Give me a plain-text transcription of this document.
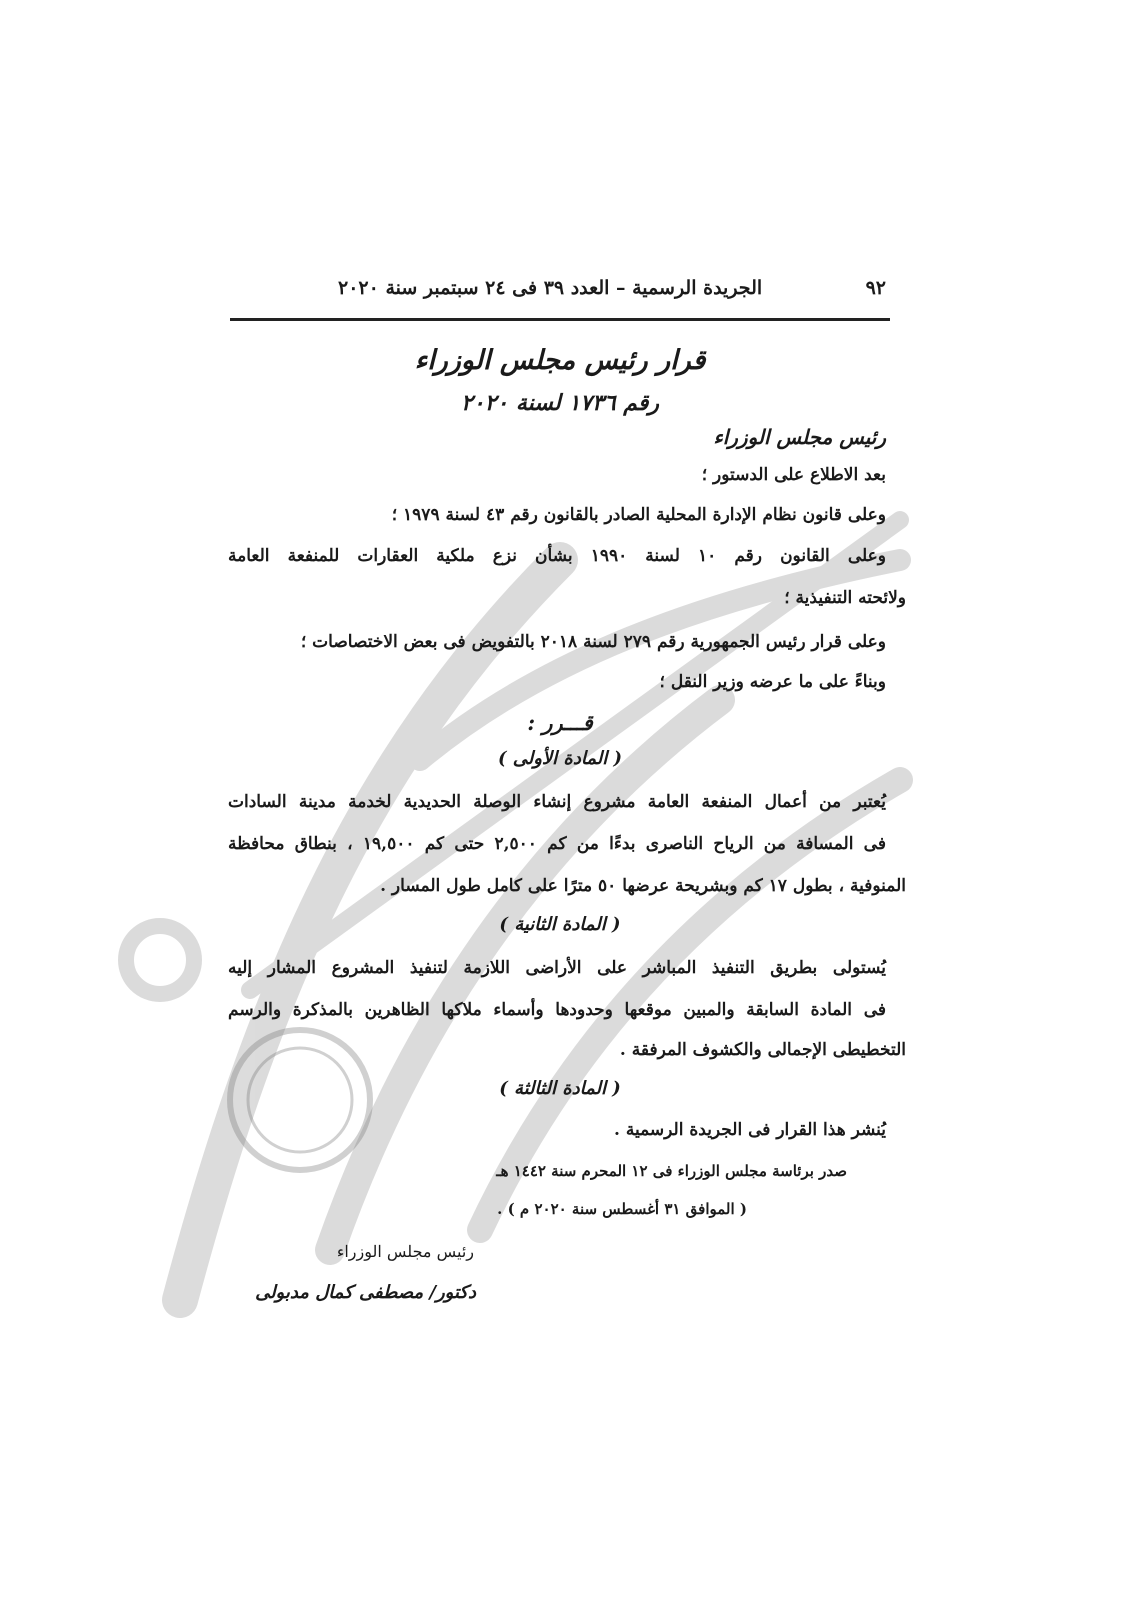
٩٢
الجريدة الرسمية – العدد ٣٩ فى ٢٤ سبتمبر سنة ٢٠٢٠
قرار رئيس مجلس الوزراء
رقم ١٧٣٦ لسنة ٢٠٢٠
رئيس مجلس الوزراء
بعد الاطلاع على الدستور ؛
وعلى قانون نظام الإدارة المحلية الصادر بالقانون رقم ٤٣ لسنة ١٩٧٩ ؛
وعلى القانون رقم ١٠ لسنة ١٩٩٠ بشأن نزع ملكية العقارات للمنفعة العامة
ولائحته التنفيذية ؛
وعلى قرار رئيس الجمهورية رقم ٢٧٩ لسنة ٢٠١٨ بالتفويض فى بعض الاختصاصات ؛
وبناءً على ما عرضه وزير النقل ؛
قـــرر :
( المادة الأولى )
يُعتبر من أعمال المنفعة العامة مشروع إنشاء الوصلة الحديدية لخدمة مدينة السادات
فى المسافة من الرياح الناصرى بدءًا من كم ٢,٥٠٠ حتى كم ١٩,٥٠٠ ، بنطاق محافظة
المنوفية ، بطول ١٧ كم وبشريحة عرضها ٥٠ مترًا على كامل طول المسار .
( المادة الثانية )
يُستولى بطريق التنفيذ المباشر على الأراضى اللازمة لتنفيذ المشروع المشار إليه
فى المادة السابقة والمبين موقعها وحدودها وأسماء ملاكها الظاهرين بالمذكرة والرسم
التخطيطى الإجمالى والكشوف المرفقة .
( المادة الثالثة )
يُنشر هذا القرار فى الجريدة الرسمية .
صدر برئاسة مجلس الوزراء فى ١٢ المحرم سنة ١٤٤٢ هـ
( الموافق ٣١ أغسطس سنة ٢٠٢٠ م ) .
رئيس مجلس الوزراء
دكتور/ مصطفى كمال مدبولى
